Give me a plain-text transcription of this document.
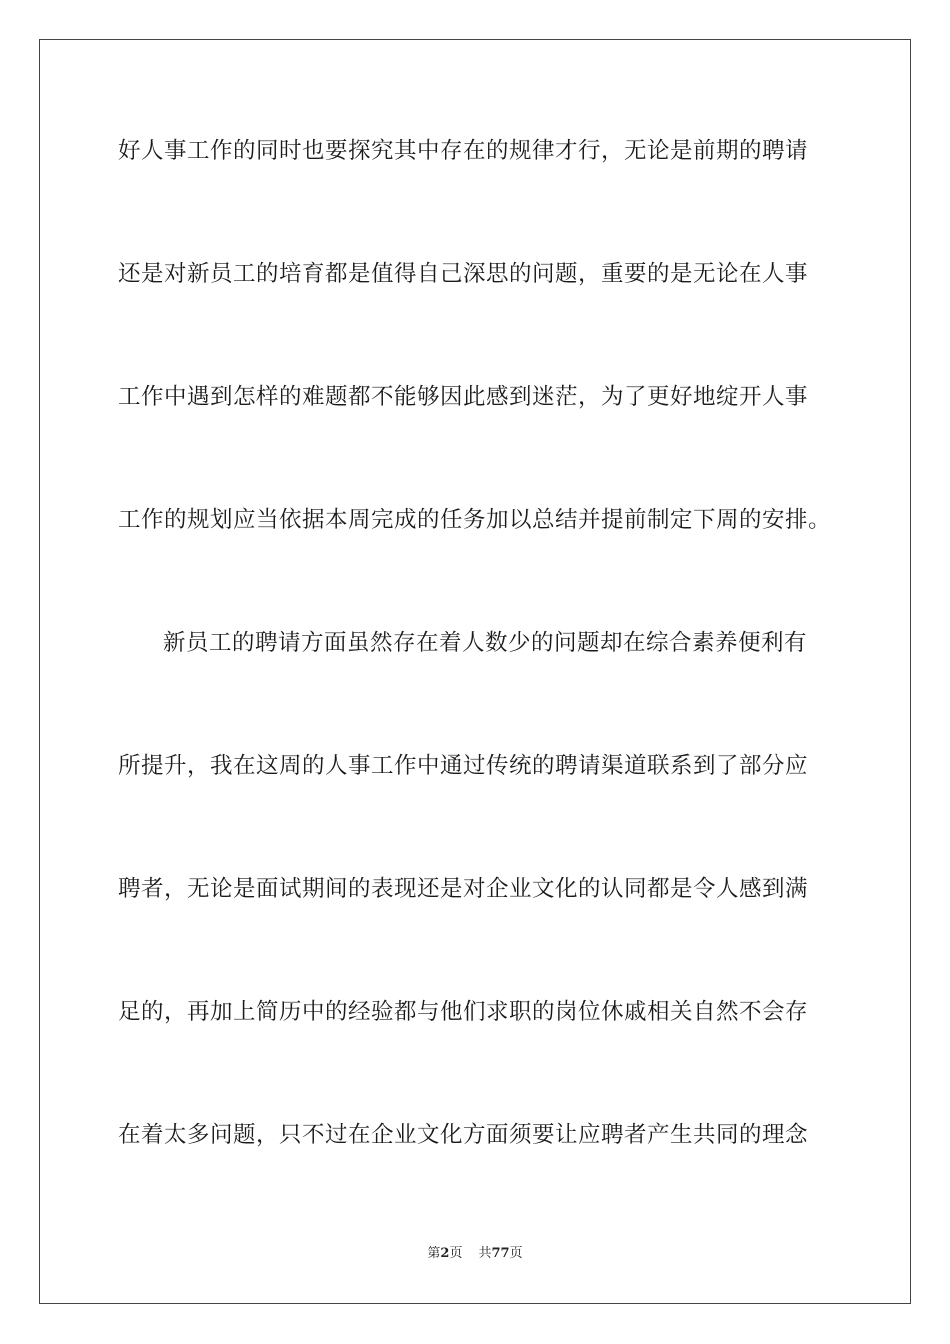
好人事工作的同时也要探究其中存在的规律才行，无论是前期的聘请
还是对新员工的培育都是值得自己深思的问题，重要的是无论在人事
工作中遇到怎样的难题都不能够因此感到迷茫，为了更好地绽开人事
工作的规划应当依据本周完成的任务加以总结并提前制定下周的安排。
新员工的聘请方面虽然存在着人数少的问题却在综合素养便利有
所提升，我在这周的人事工作中通过传统的聘请渠道联系到了部分应
聘者，无论是面试期间的表现还是对企业文化的认同都是令人感到满
足的，再加上简历中的经验都与他们求职的岗位休戚相关自然不会存
在着太多问题，只不过在企业文化方面须要让应聘者产生共同的理念
第2页 共77页
